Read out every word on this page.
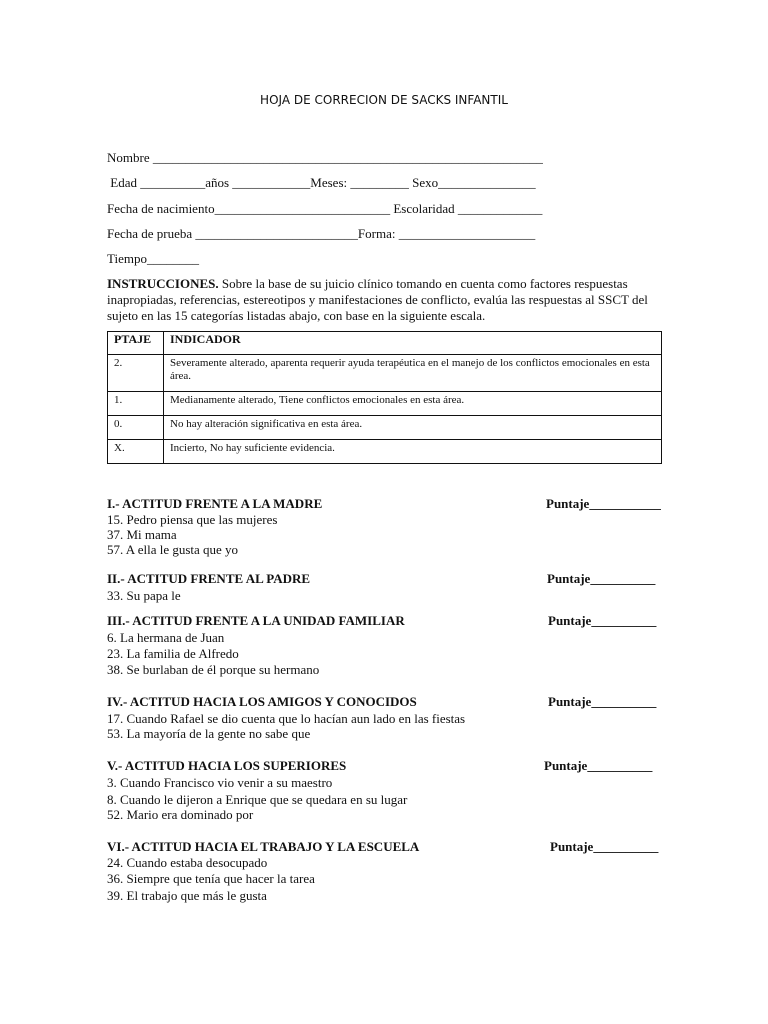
HOJA DE CORRECION DE SACKS INFANTIL
Nombre ____________________________________________________________
Edad __________años ____________Meses: _________ Sexo_______________
Fecha de nacimiento___________________________ Escolaridad _____________
Fecha de prueba _________________________Forma: _____________________
Tiempo________
INSTRUCCIONES. Sobre la base de su juicio clínico tomando en cuenta como factores respuestas inapropiadas, referencias, estereotipos y manifestaciones de conflicto, evalúa las respuestas al SSCT del sujeto en las 15 categorías listadas abajo, con base en la siguiente escala.
PTAJE	INDICADOR
2.	Severamente alterado, aparenta requerir ayuda terapéutica en el manejo de los conflictos emocionales en esta área.
1.	Medianamente alterado, Tiene conflictos emocionales en esta área.
0.	No hay alteración significativa en esta área.
X.	Incierto, No hay suficiente evidencia.
I.- ACTITUD FRENTE A LA MADRE	Puntaje___________
15. Pedro piensa que las mujeres
37. Mi mama
57. A ella le gusta que yo
II.- ACTITUD FRENTE AL PADRE	Puntaje__________
33. Su papa le
III.- ACTITUD FRENTE A LA UNIDAD FAMILIAR	Puntaje__________
6. La hermana de Juan
23. La familia de Alfredo
38. Se burlaban de él porque su hermano
IV.- ACTITUD HACIA LOS AMIGOS Y CONOCIDOS	Puntaje__________
17. Cuando Rafael se dio cuenta que lo hacían aun lado en las fiestas
53. La mayoría de la gente no sabe que
V.- ACTITUD HACIA LOS SUPERIORES	Puntaje__________
3. Cuando Francisco vio venir a su maestro
8. Cuando le dijeron a Enrique que se quedara en su lugar
52. Mario era dominado por
VI.- ACTITUD HACIA EL TRABAJO Y LA ESCUELA	Puntaje__________
24. Cuando estaba desocupado
36. Siempre que tenía que hacer la tarea
39. El trabajo que más le gusta
